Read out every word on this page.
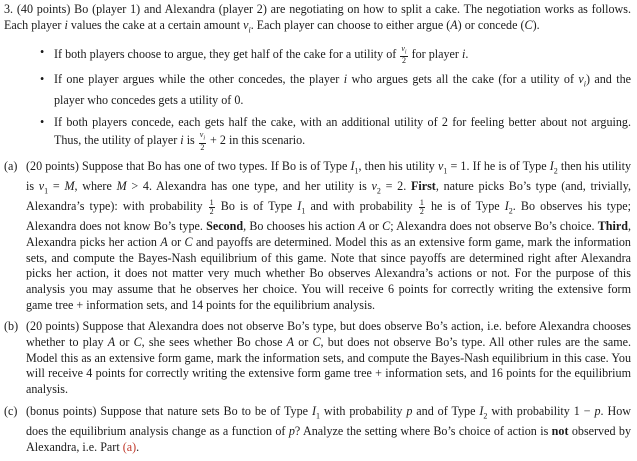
3. (40 points) Bo (player 1) and Alexandra (player 2) are negotiating on how to split a cake. The negotiation works as follows. Each player i values the cake at a certain amount $v_i$. Each player can choose to either argue (A) or concede (C).

• If both players choose to argue, they get half of the cake for a utility of $\frac{v_i}{2}$ for player i.
• If one player argues while the other concedes, the player i who argues gets all the cake (for a utility of $v_i$) and the player who concedes gets a utility of 0.
• If both players concede, each gets half the cake, with an additional utility of 2 for feeling better about not arguing. Thus, the utility of player i is $\frac{v_i}{2} + 2$ in this scenario.
(a) (20 points) Suppose that Bo has one of two types. If Bo is of Type $I_1$, then his utility $v_1 = 1$. If he is of Type $I_2$ then his utility is $v_1 = M$, where M > 4. Alexandra has one type, and her utility is $v_2 = 2$. First, nature picks Bo’s type (and, trivially, Alexandra’s type): with probability $\frac{1}{2}$ Bo is of Type $I_1$ and with probability $\frac{1}{2}$ he is of Type $I_2$. Bo observes his type; Alexandra does not know Bo’s type. Second, Bo chooses his action A or C; Alexandra does not observe Bo’s choice. Third, Alexandra picks her action A or C and payoffs are determined. Model this as an extensive form game, mark the information sets, and compute the Bayes-Nash equilibrium of this game. Note that since payoffs are determined right after Alexandra picks her action, it does not matter very much whether Bo observes Alexandra’s actions or not. For the purpose of this analysis you may assume that he observes her choice. You will receive 6 points for correctly writing the extensive form game tree + information sets, and 14 points for the equilibrium analysis.
(b) (20 points) Suppose that Alexandra does not observe Bo’s type, but does observe Bo’s action, i.e. before Alexandra chooses whether to play A or C, she sees whether Bo chose A or C, but does not observe Bo’s type. All other rules are the same. Model this as an extensive form game, mark the information sets, and compute the Bayes-Nash equilibrium in this case. You will receive 4 points for correctly writing the extensive form game tree + information sets, and 16 points for the equilibrium analysis.
(c) (bonus points) Suppose that nature sets Bo to be of Type $I_1$ with probability p and of Type $I_2$ with probability 1 − p. How does the equilibrium analysis change as a function of p? Analyze the setting where Bo’s choice of action is not observed by Alexandra, i.e. Part (a).
